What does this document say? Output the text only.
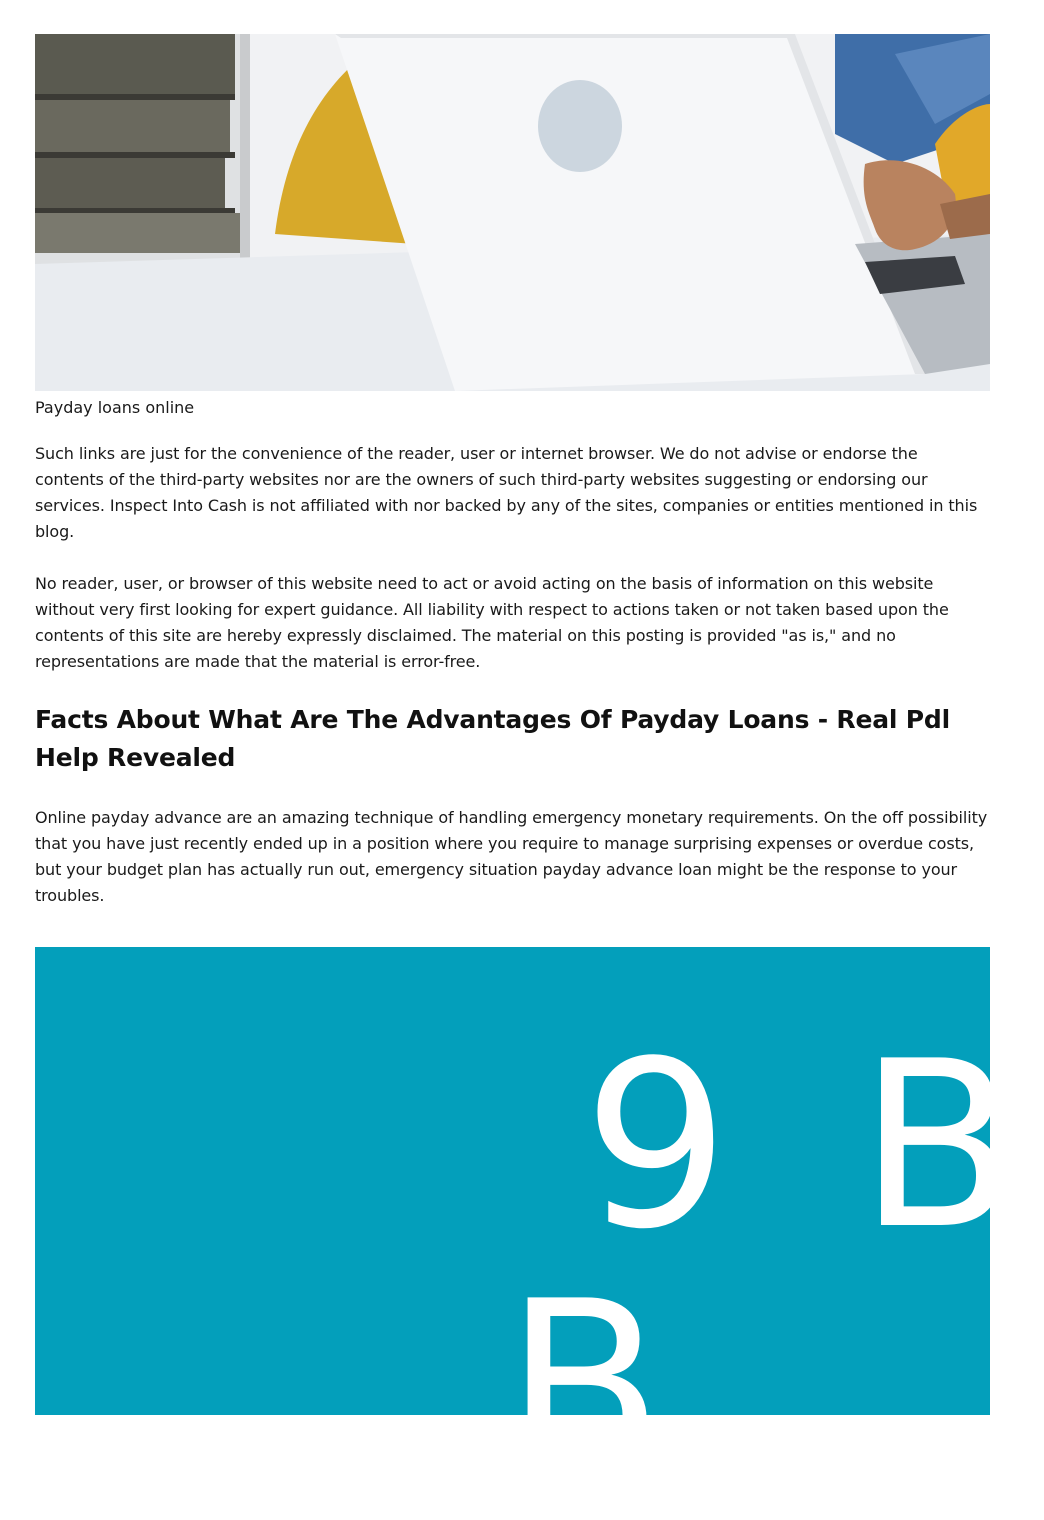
Payday loans online

Such links are just for the convenience of the reader, user or internet browser. We do not advise or endorse the contents of the third-party websites nor are the owners of such third-party websites suggesting or endorsing our services. Inspect Into Cash is not affiliated with nor backed by any of the sites, companies or entities mentioned in this blog.

No reader, user, or browser of this website need to act or avoid acting on the basis of information on this website without very first looking for expert guidance. All liability with respect to actions taken or not taken based upon the contents of this site are hereby expressly disclaimed. The material on this posting is provided "as is," and no representations are made that the material is error-free.

Facts About What Are The Advantages Of Payday Loans - Real Pdl Help Revealed

Online payday advance are an amazing technique of handling emergency monetary requirements. On the off possibility that you have just recently ended up in a position where you require to manage surprising expenses or overdue costs, but your budget plan has actually run out, emergency situation payday advance loan might be the response to your troubles.

9 B
B
